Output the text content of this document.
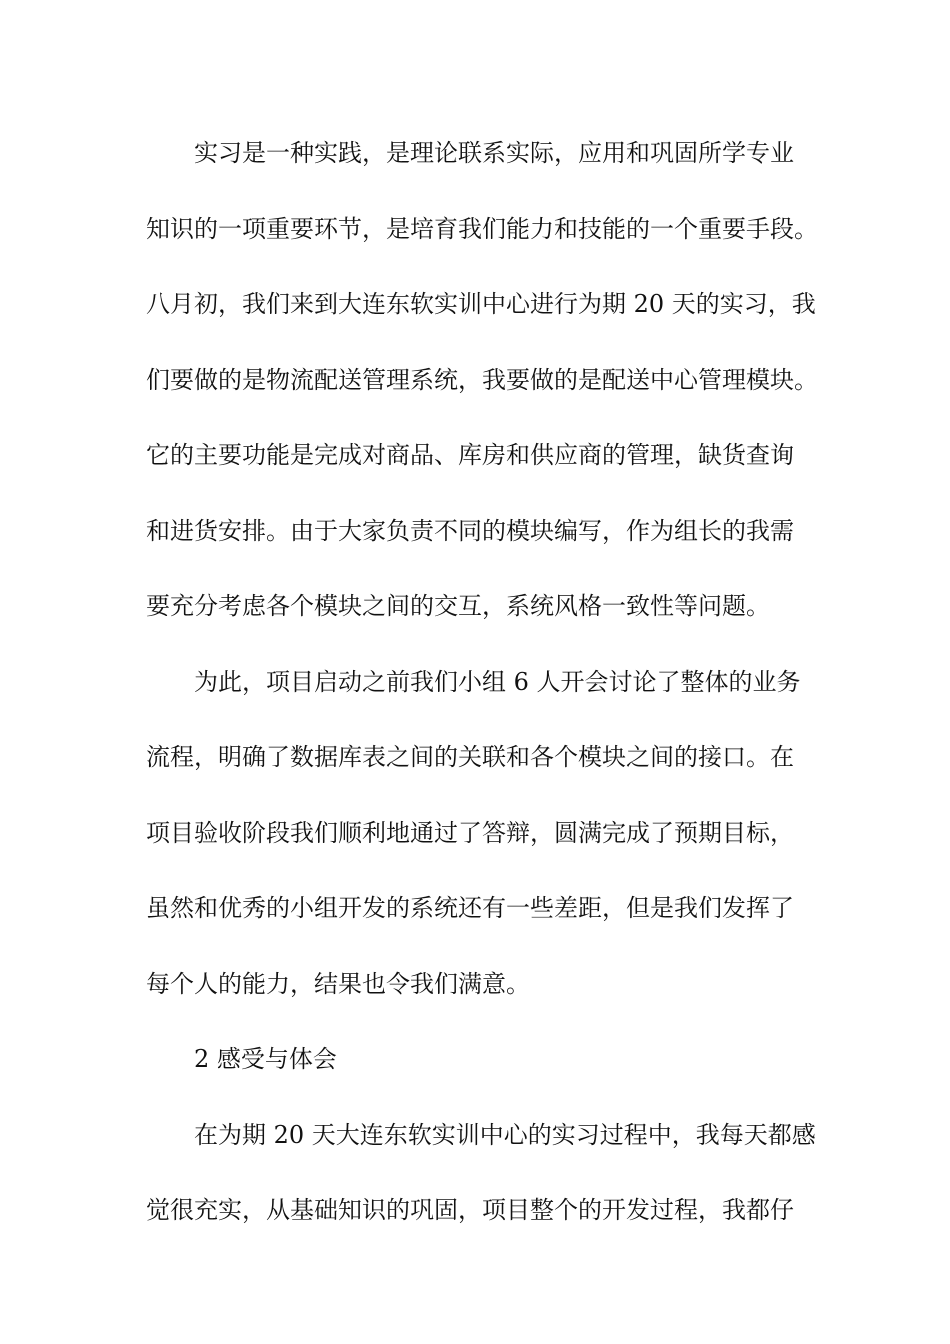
实习是一种实践，是理论联系实际，应用和巩固所学专业
知识的一项重要环节，是培育我们能力和技能的一个重要手段。
八月初，我们来到大连东软实训中心进行为期 20 天的实习，我
们要做的是物流配送管理系统，我要做的是配送中心管理模块。
它的主要功能是完成对商品、库房和供应商的管理，缺货查询
和进货安排。由于大家负责不同的模块编写，作为组长的我需
要充分考虑各个模块之间的交互，系统风格一致性等问题。
为此，项目启动之前我们小组 6 人开会讨论了整体的业务
流程，明确了数据库表之间的关联和各个模块之间的接口。在
项目验收阶段我们顺利地通过了答辩，圆满完成了预期目标，
虽然和优秀的小组开发的系统还有一些差距，但是我们发挥了
每个人的能力，结果也令我们满意。
2 感受与体会
在为期 20 天大连东软实训中心的实习过程中，我每天都感
觉很充实，从基础知识的巩固，项目整个的开发过程，我都仔
